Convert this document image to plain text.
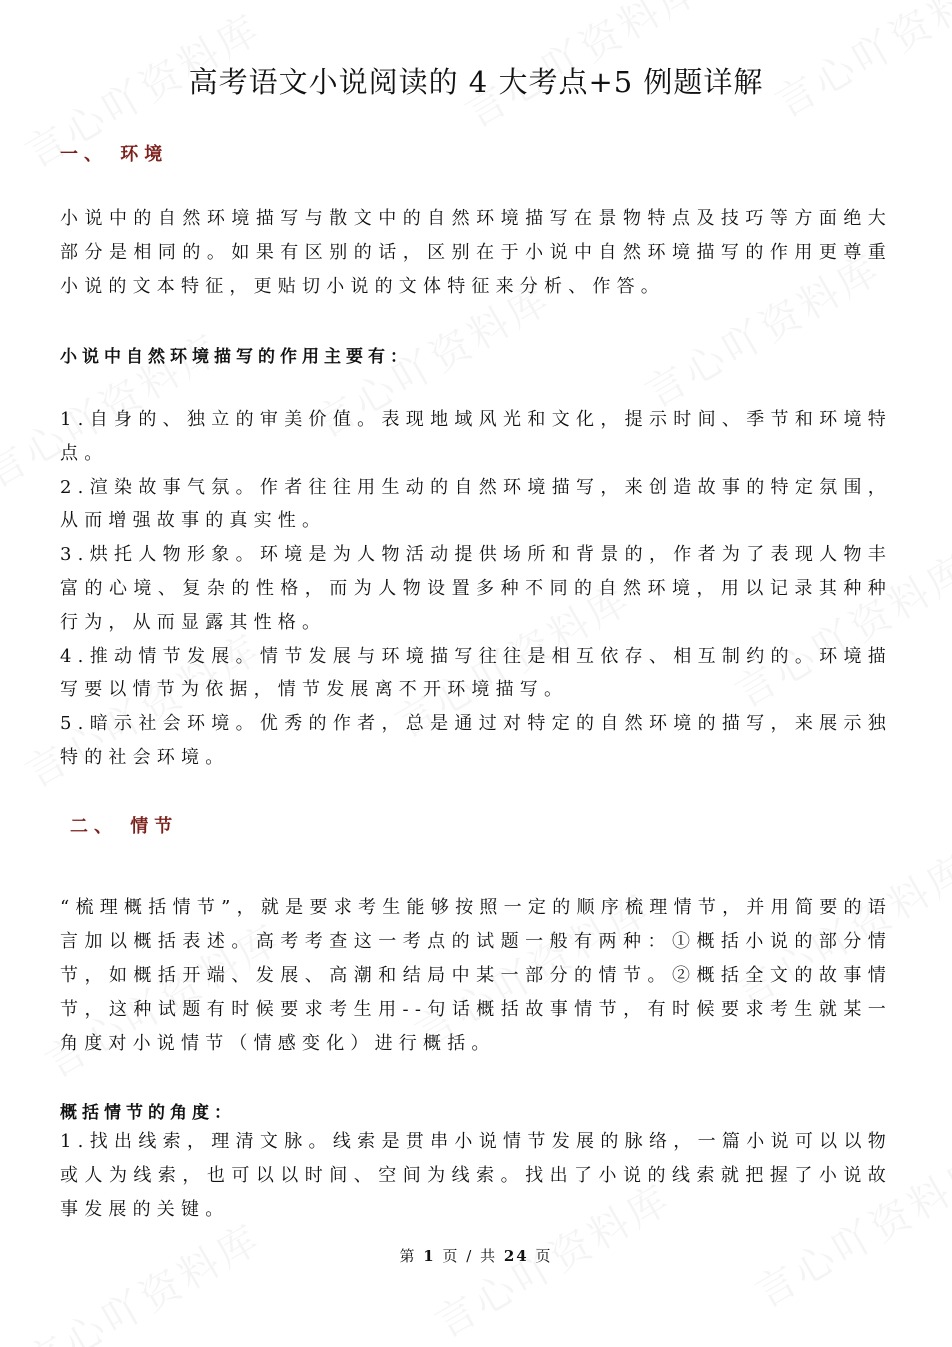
高考语文小说阅读的 4 大考点+5 例题详解
一、 环境

小说中的自然环境描写与散文中的自然环境描写在景物特点及技巧等方面绝大部分是相同的。如果有区别的话，区别在于小说中自然环境描写的作用更尊重小说的文本特征，更贴切小说的文体特征来分析、作答。

小说中自然环境描写的作用主要有：
1.自身的、独立的审美价值。表现地域风光和文化，提示时间、季节和环境特点。
2.渲染故事气氛。作者往往用生动的自然环境描写，来创造故事的特定氛围，从而增强故事的真实性。
3.烘托人物形象。环境是为人物活动提供场所和背景的，作者为了表现人物丰富的心境、复杂的性格，而为人物设置多种不同的自然环境，用以记录其种种行为，从而显露其性格。
4.推动情节发展。情节发展与环境描写往往是相互依存、相互制约的。环境描写要以情节为依据，情节发展离不开环境描写。
5.暗示社会环境。优秀的作者，总是通过对特定的自然环境的描写，来展示独特的社会环境。
二、 情节

“梳理概括情节”，就是要求考生能够按照一定的顺序梳理情节，并用简要的语言加以概括表述。高考考查这一考点的试题一般有两种：①概括小说的部分情节，如概括开端、发展、高潮和结局中某一部分的情节。②概括全文的故事情节，这种试题有时候要求考生用--句话概括故事情节，有时候要求考生就某一角度对小说情节（情感变化）进行概括。

概括情节的角度：
1.找出线索，理清文脉。线索是贯串小说情节发展的脉络，一篇小说可以以物或人为线索，也可以以时间、空间为线索。找出了小说的线索就把握了小说故事发展的关键。
第 1 页 / 共 24 页
